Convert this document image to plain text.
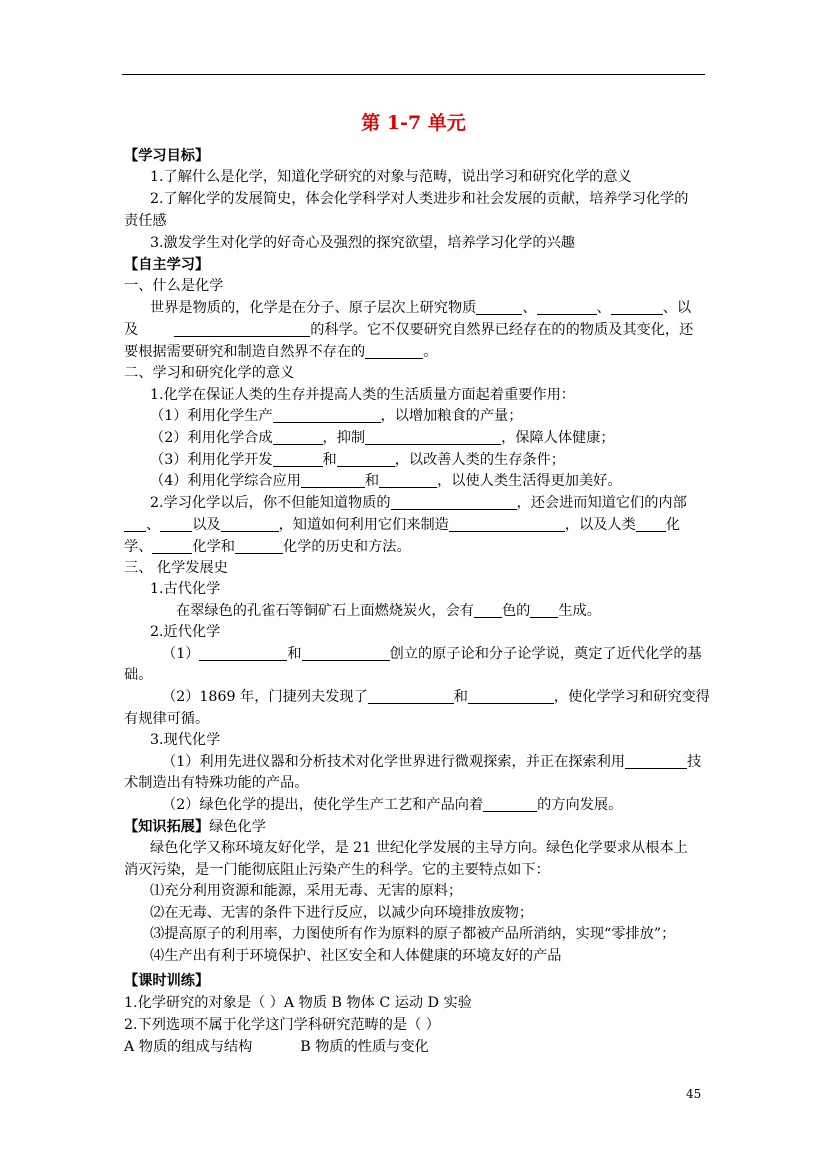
第 1-7 单元
【学习目标】
1.了解什么是化学，知道化学研究的对象与范畴，说出学习和研究化学的意义
2.了解化学的发展简史，体会化学科学对人类进步和社会发展的贡献，培养学习化学的
责任感
3.激发学生对化学的好奇心及强烈的探究欲望，培养学习化学的兴趣
【自主学习】
一、什么是化学
世界是物质的，化学是在分子、原子层次上研究物质	、	、	、以
及	的科学。它不仅要研究自然界已经存在的的物质及其变化，还
要根据需要研究和制造自然界不存在的	。
二、学习和研究化学的意义
1.化学在保证人类的生存并提高人类的生活质量方面起着重要作用：
（1）利用化学生产	，以增加粮食的产量；
（2）利用化学合成	，抑制	，保障人体健康；
（3）利用化学开发	和	，以改善人类的生存条件；
（4）利用化学综合应用	和	，以使人类生活得更加美好。
2.学习化学以后，你不但能知道物质的	，还会进而知道它们的内部
、 以及	，知道如何利用它们来制造	，以及人类 化
学、	化学和	化学的历史和方法。
三、 化学发展史
1.古代化学
在翠绿色的孔雀石等铜矿石上面燃烧炭火，会有 色的 生成。
2.近代化学
（1）	和	创立的原子论和分子论学说，奠定了近代化学的基
础。
（2）1869 年，门捷列夫发现了	和	，使化学学习和研究变得
有规律可循。
3.现代化学
（1）利用先进仪器和分析技术对化学世界进行微观探索，并正在探索利用	技
术制造出有特殊功能的产品。
（2）绿色化学的提出，使化学生产工艺和产品向着	的方向发展。
【知识拓展】绿色化学
绿色化学又称环境友好化学，是 21 世纪化学发展的主导方向。绿色化学要求从根本上
消灭污染，是一门能彻底阻止污染产生的科学。它的主要特点如下：
⑴充分利用资源和能源，采用无毒、无害的原料；
⑵在无毒、无害的条件下进行反应，以减少向环境排放废物；
⑶提高原子的利用率，力图使所有作为原料的原子都被产品所消纳，实现“零排放”；
⑷生产出有利于环境保护、社区安全和人体健康的环境友好的产品
【课时训练】
1.化学研究的对象是（ ）A 物质 B 物体 C 运动 D 实验
2.下列选项不属于化学这门学科研究范畴的是（ ）
A 物质的组成与结构	B 物质的性质与变化
45
